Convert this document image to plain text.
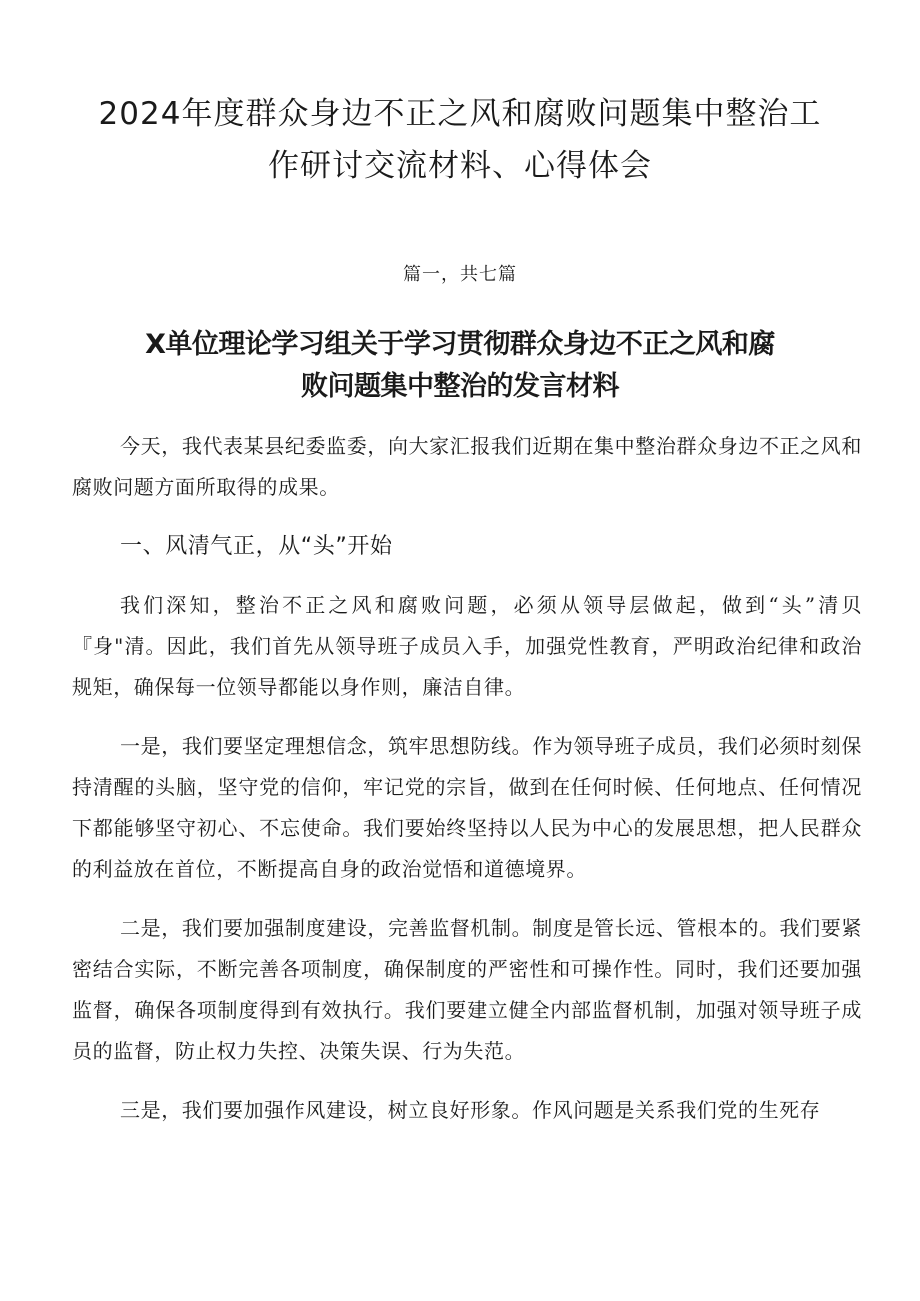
2024年度群众身边不正之风和腐败问题集中整治工
作研讨交流材料、心得体会
篇一，共七篇
X单位理论学习组关于学习贯彻群众身边不正之风和腐
败问题集中整治的发言材料

今天，我代表某县纪委监委，向大家汇报我们近期在集中整治群众身边不正之风和腐败问题方面所取得的成果。

一、风清气正，从“头”开始

我们深知，整治不正之风和腐败问题，必须从领导层做起，做到“头”清贝『身"清。因此，我们首先从领导班子成员入手，加强党性教育，严明政治纪律和政治规矩，确保每一位领导都能以身作则，廉洁自律。

一是，我们要坚定理想信念，筑牢思想防线。作为领导班子成员，我们必须时刻保持清醒的头脑，坚守党的信仰，牢记党的宗旨，做到在任何时候、任何地点、任何情况下都能够坚守初心、不忘使命。我们要始终坚持以人民为中心的发展思想，把人民群众的利益放在首位，不断提高自身的政治觉悟和道德境界。

二是，我们要加强制度建设，完善监督机制。制度是管长远、管根本的。我们要紧密结合实际，不断完善各项制度，确保制度的严密性和可操作性。同时，我们还要加强监督，确保各项制度得到有效执行。我们要建立健全内部监督机制，加强对领导班子成员的监督，防止权力失控、决策失误、行为失范。

三是，我们要加强作风建设，树立良好形象。作风问题是关系我们党的生死存
